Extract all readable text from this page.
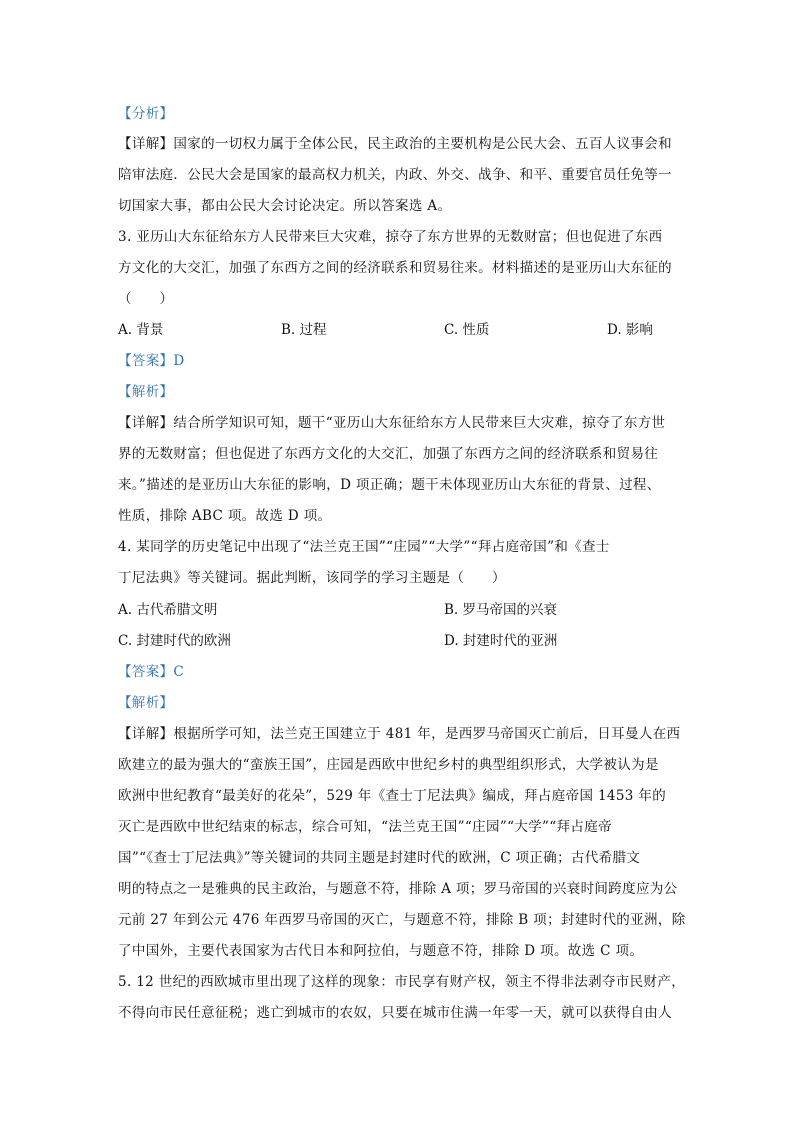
【分析】
【详解】国家的一切权力属于全体公民，民主政治的主要机构是公民大会、五百人议事会和
陪审法庭．公民大会是国家的最高权力机关，内政、外交、战争、和平、重要官员任免等一
切国家大事，都由公民大会讨论决定。所以答案选 A。
3. 亚历山大东征给东方人民带来巨大灾难，掠夺了东方世界的无数财富；但也促进了东西
方文化的大交汇，加强了东西方之间的经济联系和贸易往来。材料描述的是亚历山大东征的
（　　）
A. 背景	B. 过程	C. 性质	D. 影响
【答案】D
【解析】
【详解】结合所学知识可知，题干“亚历山大东征给东方人民带来巨大灾难，掠夺了东方世
界的无数财富；但也促进了东西方文化的大交汇，加强了东西方之间的经济联系和贸易往
来。”描述的是亚历山大东征的影响，D 项正确；题干未体现亚历山大东征的背景、过程、
性质，排除 ABC 项。故选 D 项。
4. 某同学的历史笔记中出现了“法兰克王国”“庄园”“大学”“拜占庭帝国”和《查士
丁尼法典》等关键词。据此判断，该同学的学习主题是（　　）
A. 古代希腊文明	B. 罗马帝国的兴衰
C. 封建时代的欧洲	D. 封建时代的亚洲
【答案】C
【解析】
【详解】根据所学可知，法兰克王国建立于 481 年，是西罗马帝国灭亡前后，日耳曼人在西
欧建立的最为强大的“蛮族王国”，庄园是西欧中世纪乡村的典型组织形式，大学被认为是
欧洲中世纪教育“最美好的花朵”，529 年《查士丁尼法典》编成，拜占庭帝国 1453 年的
灭亡是西欧中世纪结束的标志，综合可知，“法兰克王国”“庄园”“大学”“拜占庭帝
国”“《查士丁尼法典》”等关键词的共同主题是封建时代的欧洲，C 项正确；古代希腊文
明的特点之一是雅典的民主政治，与题意不符，排除 A 项；罗马帝国的兴衰时间跨度应为公
元前 27 年到公元 476 年西罗马帝国的灭亡，与题意不符，排除 B 项；封建时代的亚洲，除
了中国外，主要代表国家为古代日本和阿拉伯，与题意不符，排除 D 项。故选 C 项。
5. 12 世纪的西欧城市里出现了这样的现象：市民享有财产权，领主不得非法剥夺市民财产，
不得向市民任意征税；逃亡到城市的农奴，只要在城市住满一年零一天，就可以获得自由人
